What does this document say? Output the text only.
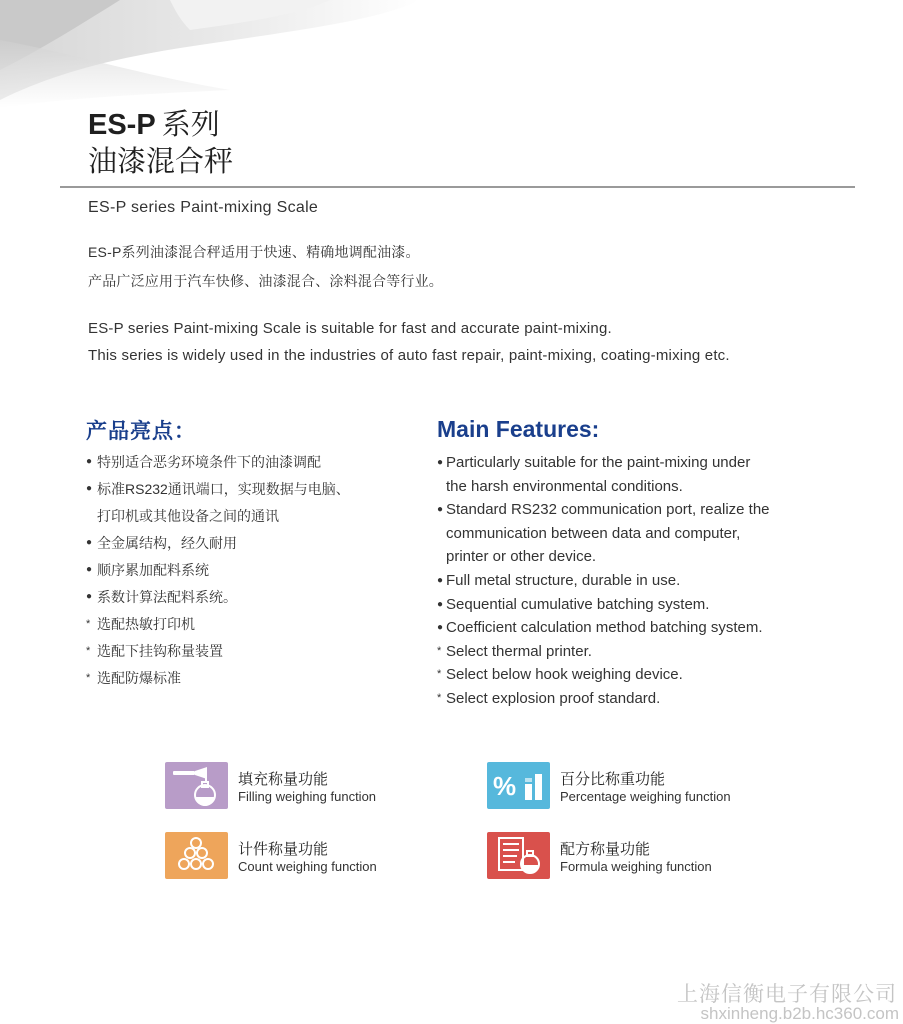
ES-P 系列
油漆混合秤
ES-P series Paint-mixing Scale
ES-P系列油漆混合秤适用于快速、精确地调配油漆。
产品广泛应用于汽车快修、油漆混合、涂料混合等行业。
ES-P series Paint-mixing Scale is suitable for fast and accurate paint-mixing.
This series is widely used in the industries of auto fast repair, paint-mixing, coating-mixing etc.
产品亮点：	Main Features:
● 特别适合恶劣环境条件下的油漆调配
● 标准RS232通讯端口，实现数据与电脑、
打印机或其他设备之间的通讯
● 全金属结构，经久耐用
● 顺序累加配料系统
● 系数计算法配料系统。
* 选配热敏打印机
* 选配下挂钩称量装置
* 选配防爆标准
● Particularly suitable for the paint-mixing under
the harsh environmental conditions.
● Standard RS232 communication port, realize the
communication between data and computer,
printer or other device.
● Full metal structure, durable in use.
● Sequential cumulative batching system.
● Coefficient calculation method batching system.
* Select thermal printer.
* Select below hook weighing device.
* Select explosion proof standard.
填充称量功能
Filling weighing function	%	百分比称重功能
Percentage weighing function
计件称量功能
Count weighing function
配方称量功能
Formula weighing function
上海信衡电子有限公司
shxinheng.b2b.hc360.com
